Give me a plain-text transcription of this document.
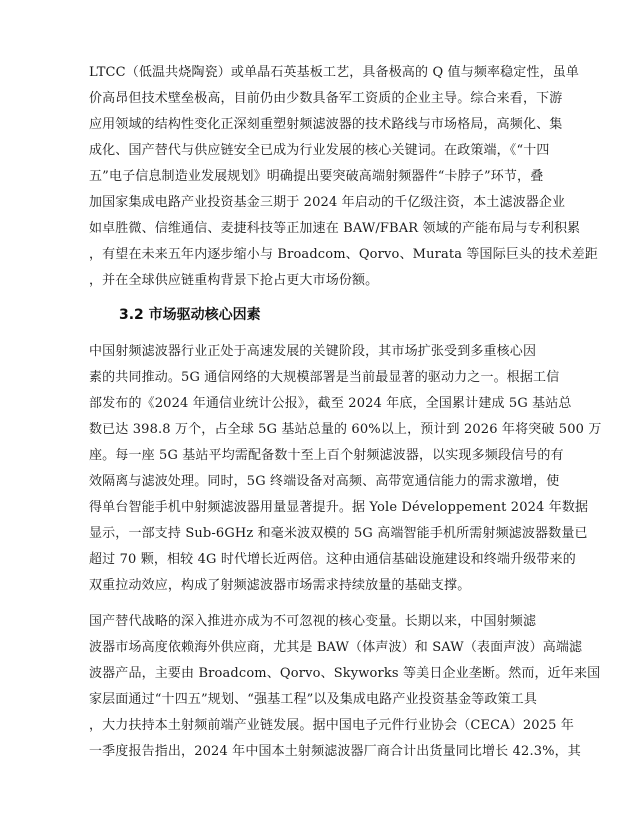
LTCC（低温共烧陶瓷）或单晶石英基板工艺，具备极高的 Q 值与频率稳定性，虽单
价高昂但技术壁垒极高，目前仍由少数具备军工资质的企业主导。综合来看，下游
应用领域的结构性变化正深刻重塑射频滤波器的技术路线与市场格局，高频化、集
成化、国产替代与供应链安全已成为行业发展的核心关键词。在政策端，《“十四
五”电子信息制造业发展规划》明确提出要突破高端射频器件“卡脖子”环节，叠
加国家集成电路产业投资基金三期于 2024 年启动的千亿级注资，本土滤波器企业
如卓胜微、信维通信、麦捷科技等正加速在 BAW/FBAR 领域的产能布局与专利积累
，有望在未来五年内逐步缩小与 Broadcom、Qorvo、Murata 等国际巨头的技术差距
，并在全球供应链重构背景下抢占更大市场份额。
3.2 市场驱动核心因素
中国射频滤波器行业正处于高速发展的关键阶段，其市场扩张受到多重核心因
素的共同推动。5G 通信网络的大规模部署是当前最显著的驱动力之一。根据工信
部发布的《2024 年通信业统计公报》，截至 2024 年底，全国累计建成 5G 基站总
数已达 398.8 万个，占全球 5G 基站总量的 60%以上，预计到 2026 年将突破 500 万
座。每一座 5G 基站平均需配备数十至上百个射频滤波器，以实现多频段信号的有
效隔离与滤波处理。同时，5G 终端设备对高频、高带宽通信能力的需求激增，使
得单台智能手机中射频滤波器用量显著提升。据 Yole Développement 2024 年数据
显示，一部支持 Sub-6GHz 和毫米波双模的 5G 高端智能手机所需射频滤波器数量已
超过 70 颗，相较 4G 时代增长近两倍。这种由通信基础设施建设和终端升级带来的
双重拉动效应，构成了射频滤波器市场需求持续放量的基础支撑。
国产替代战略的深入推进亦成为不可忽视的核心变量。长期以来，中国射频滤
波器市场高度依赖海外供应商，尤其是 BAW（体声波）和 SAW（表面声波）高端滤
波器产品，主要由 Broadcom、Qorvo、Skyworks 等美日企业垄断。然而，近年来国
家层面通过“十四五”规划、“强基工程”以及集成电路产业投资基金等政策工具
，大力扶持本土射频前端产业链发展。据中国电子元件行业协会（CECA）2025 年
一季度报告指出，2024 年中国本土射频滤波器厂商合计出货量同比增长 42.3%，其
